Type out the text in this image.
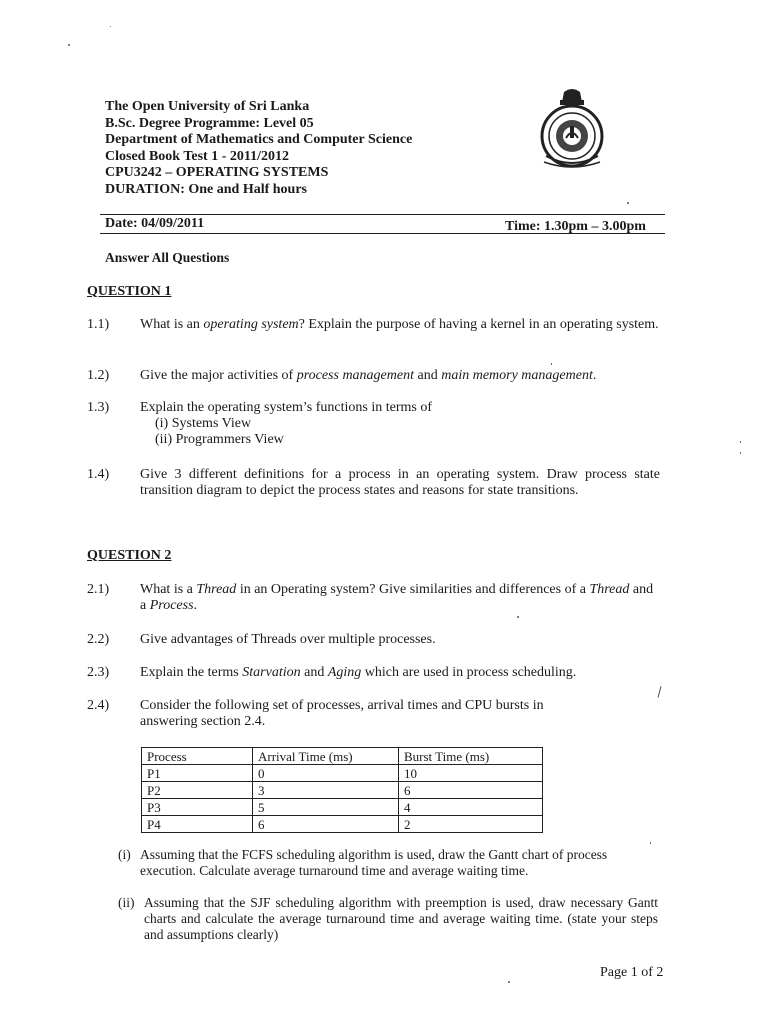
The Open University of Sri Lanka
B.Sc. Degree Programme: Level 05
Department of Mathematics and Computer Science
Closed Book Test 1 - 2011/2012
CPU3242 – OPERATING SYSTEMS
DURATION: One and Half hours
Date: 04/09/2011	Time: 1.30pm – 3.00pm
Answer All Questions
QUESTION 1
1.1) What is an operating system? Explain the purpose of having a kernel in an operating system.
1.2) Give the major activities of process management and main memory management.
1.3) Explain the operating system’s functions in terms of
(i) Systems View
(ii) Programmers View
1.4) Give 3 different definitions for a process in an operating system. Draw process state transition diagram to depict the process states and reasons for state transitions.
QUESTION 2
2.1) What is a Thread in an Operating system? Give similarities and differences of a Thread and a Process.
2.2) Give advantages of Threads over multiple processes.
2.3) Explain the terms Starvation and Aging which are used in process scheduling.
2.4) Consider the following set of processes, arrival times and CPU bursts in answering section 2.4.
Process	Arrival Time (ms)	Burst Time (ms)
P1	0	10
P2	3	6
P3	5	4
P4	6	2
(i) Assuming that the FCFS scheduling algorithm is used, draw the Gantt chart of process execution. Calculate average turnaround time and average waiting time.
(ii) Assuming that the SJF scheduling algorithm with preemption is used, draw necessary Gantt charts and calculate the average turnaround time and average waiting time. (state your steps and assumptions clearly)
Page 1 of 2
